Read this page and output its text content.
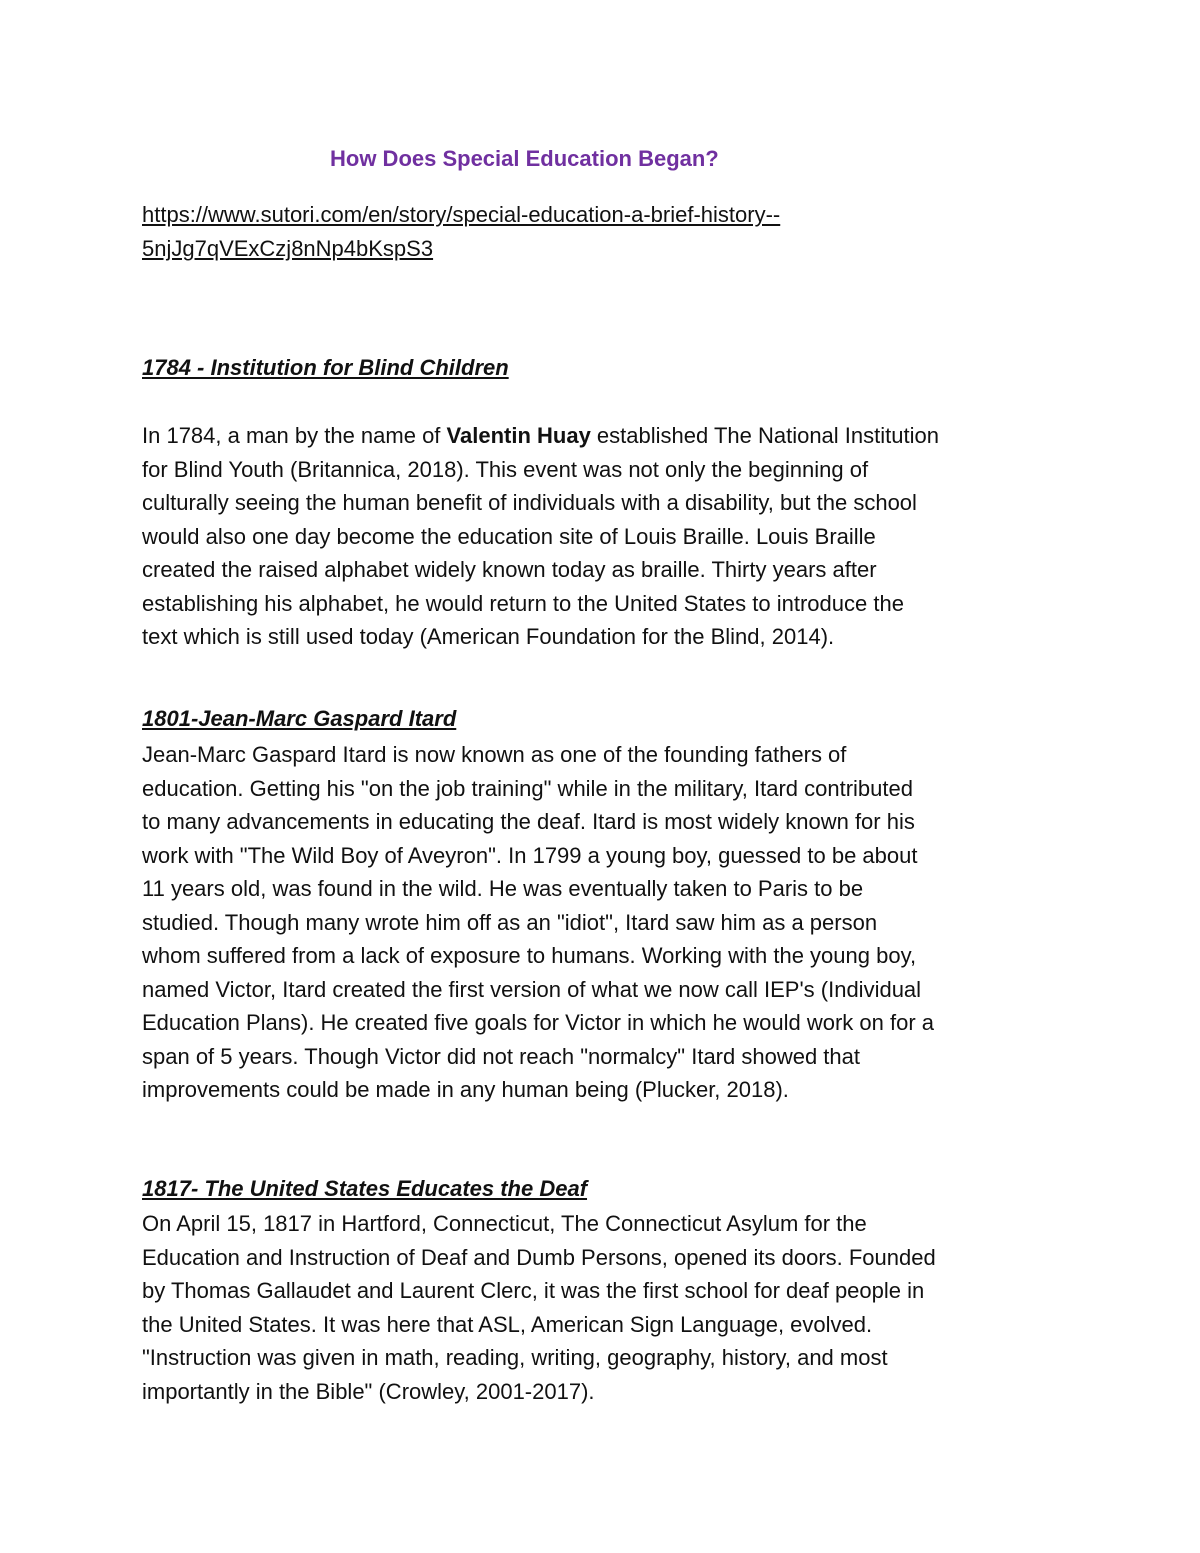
How Does Special Education Began?
https://www.sutori.com/en/story/special-education-a-brief-history--
5njJg7qVExCzj8nNp4bKspS3
1784 - Institution for Blind Children
In 1784, a man by the name of Valentin Huay established The National Institution
for Blind Youth (Britannica, 2018). This event was not only the beginning of
culturally seeing the human benefit of individuals with a disability, but the school
would also one day become the education site of Louis Braille. Louis Braille
created the raised alphabet widely known today as braille. Thirty years after
establishing his alphabet, he would return to the United States to introduce the
text which is still used today (American Foundation for the Blind, 2014).
1801-Jean-Marc Gaspard Itard
Jean-Marc Gaspard Itard is now known as one of the founding fathers of
education. Getting his "on the job training" while in the military, Itard contributed
to many advancements in educating the deaf. Itard is most widely known for his
work with "The Wild Boy of Aveyron". In 1799 a young boy, guessed to be about
11 years old, was found in the wild. He was eventually taken to Paris to be
studied. Though many wrote him off as an "idiot", Itard saw him as a person
whom suffered from a lack of exposure to humans. Working with the young boy,
named Victor, Itard created the first version of what we now call IEP's (Individual
Education Plans). He created five goals for Victor in which he would work on for a
span of 5 years. Though Victor did not reach "normalcy" Itard showed that
improvements could be made in any human being (Plucker, 2018).
1817- The United States Educates the Deaf
On April 15, 1817 in Hartford, Connecticut, The Connecticut Asylum for the
Education and Instruction of Deaf and Dumb Persons, opened its doors. Founded
by Thomas Gallaudet and Laurent Clerc, it was the first school for deaf people in
the United States. It was here that ASL, American Sign Language, evolved.
"Instruction was given in math, reading, writing, geography, history, and most
importantly in the Bible" (Crowley, 2001-2017).
